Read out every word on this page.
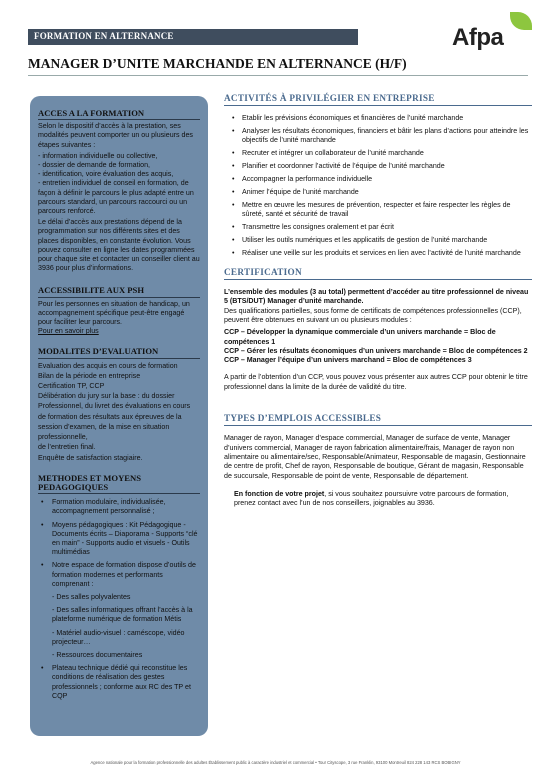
FORMATION EN ALTERNANCE	Afpa
MANAGER D’UNITE MARCHANDE EN ALTERNANCE (H/F)
ACCES A LA FORMATION
Selon le dispositif d’accès à la prestation, ses modalités peuvent comporter un ou plusieurs des étapes suivantes :
- information individuelle ou collective,
- dossier de demande de formation,
- identification, voire évaluation des acquis,
- entretien individuel de conseil en formation, de façon à définir le parcours le plus adapté entre un parcours standard, un parcours raccourci ou un parcours renforcé.
Le délai d’accès aux prestations dépend de la programmation sur nos différents sites et des places disponibles, en constante évolution. Vous pouvez consulter en ligne les dates programmées pour chaque site et contacter un conseiller client au 3936 pour plus d’informations.
ACCESSIBILITE AUX PSH
Pour les personnes en situation de handicap, un accompagnement spécifique peut-être engagé pour faciliter leur parcours.
Pour en savoir plus
MODALITES D’EVALUATION
Evaluation des acquis en cours de formation
Bilan de la période en entreprise
Certification TP, CCP
Délibération du jury sur la base : du dossier Professionnel, du livret des évaluations en cours de formation des résultats aux épreuves de la session d’examen, de la mise en situation professionnelle,
de l’entretien final.
Enquête de satisfaction stagiaire.
METHODES ET MOYENS PEDAGOGIQUES
• Formation modulaire, individualisée, accompagnement personnalisé ;
• Moyens pédagogiques : Kit Pédagogique - Documents écrits – Diaporama - Supports “clé en main” - Supports audio et visuels - Outils multimédias
• Notre espace de formation dispose d’outils de formation modernes et performants comprenant :
- Des salles polyvalentes
- Des salles informatiques offrant l’accès à la plateforme numérique de formation Métis
- Matériel audio-visuel : caméscope, vidéo projecteur…
- Ressources documentaires
• Plateau technique dédié qui reconstitue les conditions de réalisation des gestes professionnels ; conforme aux RC des TP et CQP
ACTIVITÉS À PRIVILÉGIER EN ENTREPRISE
• Etablir les prévisions économiques et financières de l’unité marchande
• Analyser les résultats économiques, financiers et bâtir les plans d’actions pour atteindre les objectifs de l’unité marchande
• Recruter et intégrer un collaborateur de l’unité marchande
• Planifier et coordonner l’activité de l’équipe de l’unité marchande
• Accompagner la performance individuelle
• Animer l’équipe de l’unité marchande
• Mettre en œuvre les mesures de prévention, respecter et faire respecter les règles de sûreté, santé et sécurité de travail
• Transmettre les consignes oralement et par écrit
• Utiliser les outils numériques et les applicatifs de gestion de l’unité marchande
• Réaliser une veille sur les produits et services en lien avec l’activité de l’unité marchande
CERTIFICATION
L’ensemble des modules (3 au total) permettent d’accéder au titre professionnel de niveau 5 (BTS/DUT) Manager d’unité marchande.
Des qualifications partielles, sous forme de certificats de compétences professionnelles (CCP), peuvent être obtenues en suivant un ou plusieurs modules :
CCP – Développer la dynamique commerciale d’un univers marchande = Bloc de compétences 1
CCP – Gérer les résultats économiques d’un univers marchande = Bloc de compétences 2
CCP – Manager l’équipe d’un univers marchand = Bloc de compétences 3
A partir de l’obtention d’un CCP, vous pouvez vous présenter aux autres CCP pour obtenir le titre professionnel dans la limite de la durée de validité du titre.
TYPES D’EMPLOIS ACCESSIBLES
Manager de rayon, Manager d’espace commercial, Manager de surface de vente, Manager d’univers commercial, Manager de rayon fabrication alimentaire/frais, Manager de rayon non alimentaire ou alimentaire/sec, Responsable/Animateur, Responsable de magasin, Gestionnaire de centre de profit, Chef de rayon, Responsable de boutique, Gérant de magasin, Responsable de succursale, Responsable de point de vente, Responsable de département.
En fonction de votre projet, si vous souhaitez poursuivre votre parcours de formation, prenez contact avec l’un de nos conseillers, joignables au 3936.
Agence nationale pour la formation professionnelle des adultes Établissement public à caractère industriel et commercial • Tour Cityscope, 3 rue Franklin, 93100 Montreuil 824 228 143 RCS BOBIGNY
